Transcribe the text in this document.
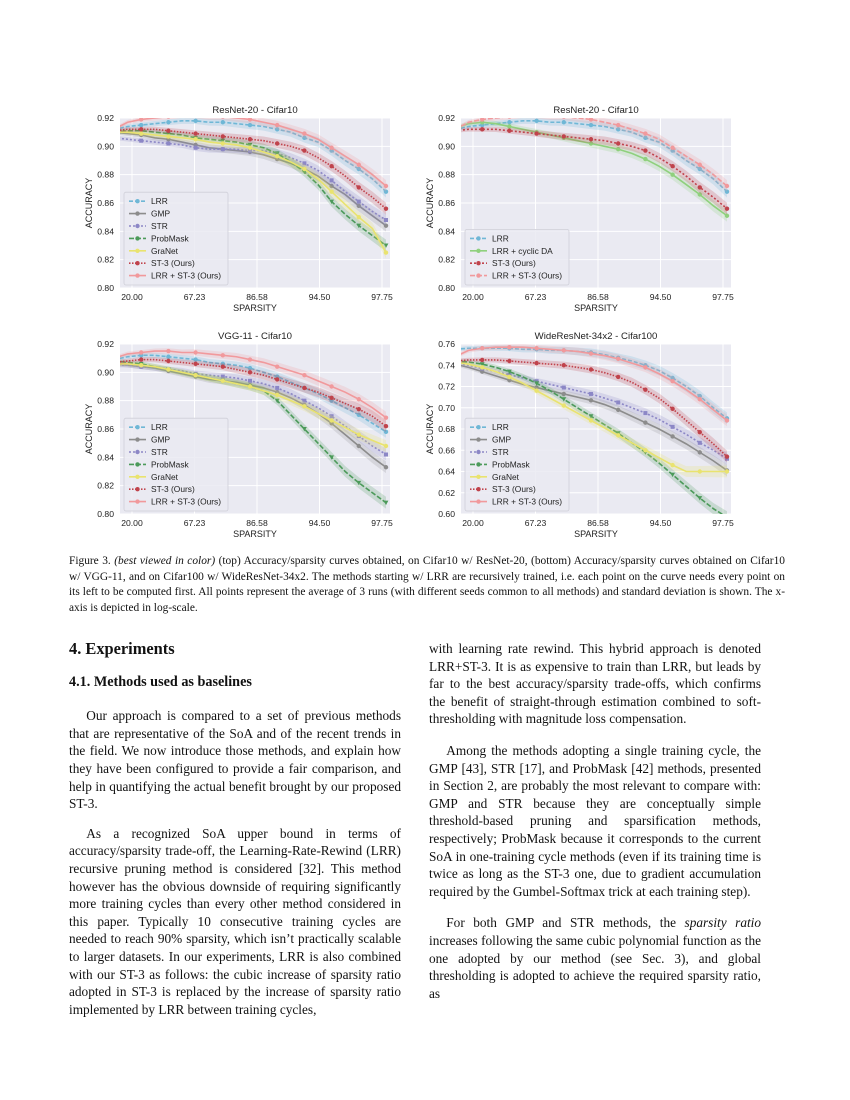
0.92
0.90
0.88
0.86
0.84
0.82
0.80
20.00	67.23	86.58	94.50	97.75
ResNet-20 - Cifar10
SPARSITY
ACCURACY	LRR
GMP
STR
ProbMask
GraNet
ST-3 (Ours)
LRR + ST-3 (Ours)
0.92
0.90
0.88
0.86
0.84
0.82
0.80
20.00	67.23	86.58	94.50	97.75
ResNet-20 - Cifar10
SPARSITY
ACCURACY
LRR
LRR + cyclic DA
ST-3 (Ours)
LRR + ST-3 (Ours)
0.92
0.90
0.88
0.86
0.84
0.82
0.80
20.00	67.23	86.58	94.50	97.75
VGG-11 - Cifar10
SPARSITY
ACCURACY	LRR
GMP
STR
ProbMask
GraNet
ST-3 (Ours)
LRR + ST-3 (Ours)
0.76
0.74
0.72
0.70
0.68
0.66
0.64
0.62
0.60
20.00	67.23	86.58	94.50	97.75
WideResNet-34x2 - Cifar100
SPARSITY
ACCURACY	LRR
GMP
STR
ProbMask
GraNet
ST-3 (Ours)
LRR + ST-3 (Ours)
Figure 3. (best viewed in color) (top) Accuracy/sparsity curves obtained, on Cifar10 w/ ResNet-20, (bottom) Accuracy/sparsity curves obtained on Cifar10 w/ VGG-11, and on Cifar100 w/ WideResNet-34x2. The methods starting w/ LRR are recursively trained, i.e. each point on the curve needs every point on its left to be computed first. All points represent the average of 3 runs (with different seeds common to all methods) and standard deviation is shown. The x-axis is depicted in log-scale.
4. Experiments
4.1. Methods used as baselines

Our approach is compared to a set of previous methods that are representative of the SoA and of the recent trends in the field. We now introduce those methods, and explain how they have been configured to provide a fair comparison, and help in quantifying the actual benefit brought by our proposed ST-3.

As a recognized SoA upper bound in terms of accuracy/sparsity trade-off, the Learning-Rate-Rewind (LRR) recursive pruning method is considered [32]. This method however has the obvious downside of requiring significantly more training cycles than every other method considered in this paper. Typically 10 consecutive training cycles are needed to reach 90% sparsity, which isn’t practically scalable to larger datasets. In our experiments, LRR is also combined with our ST-3 as follows: the cubic increase of sparsity ratio adopted in ST-3 is replaced by the increase of sparsity ratio implemented by LRR between training cycles,

with learning rate rewind. This hybrid approach is denoted LRR+ST-3. It is as expensive to train than LRR, but leads by far to the best accuracy/sparsity trade-offs, which confirms the benefit of straight-through estimation combined to soft-thresholding with magnitude loss compensation.

Among the methods adopting a single training cycle, the GMP [43], STR [17], and ProbMask [42] methods, presented in Section 2, are probably the most relevant to compare with: GMP and STR because they are conceptually simple threshold-based pruning and sparsification methods, respectively; ProbMask because it corresponds to the current SoA in one-training cycle methods (even if its training time is twice as long as the ST-3 one, due to gradient accumulation required by the Gumbel-Softmax trick at each training step).

For both GMP and STR methods, the sparsity ratio increases following the same cubic polynomial function as the one adopted by our method (see Sec. 3), and global thresholding is adopted to achieve the required sparsity ratio, as
